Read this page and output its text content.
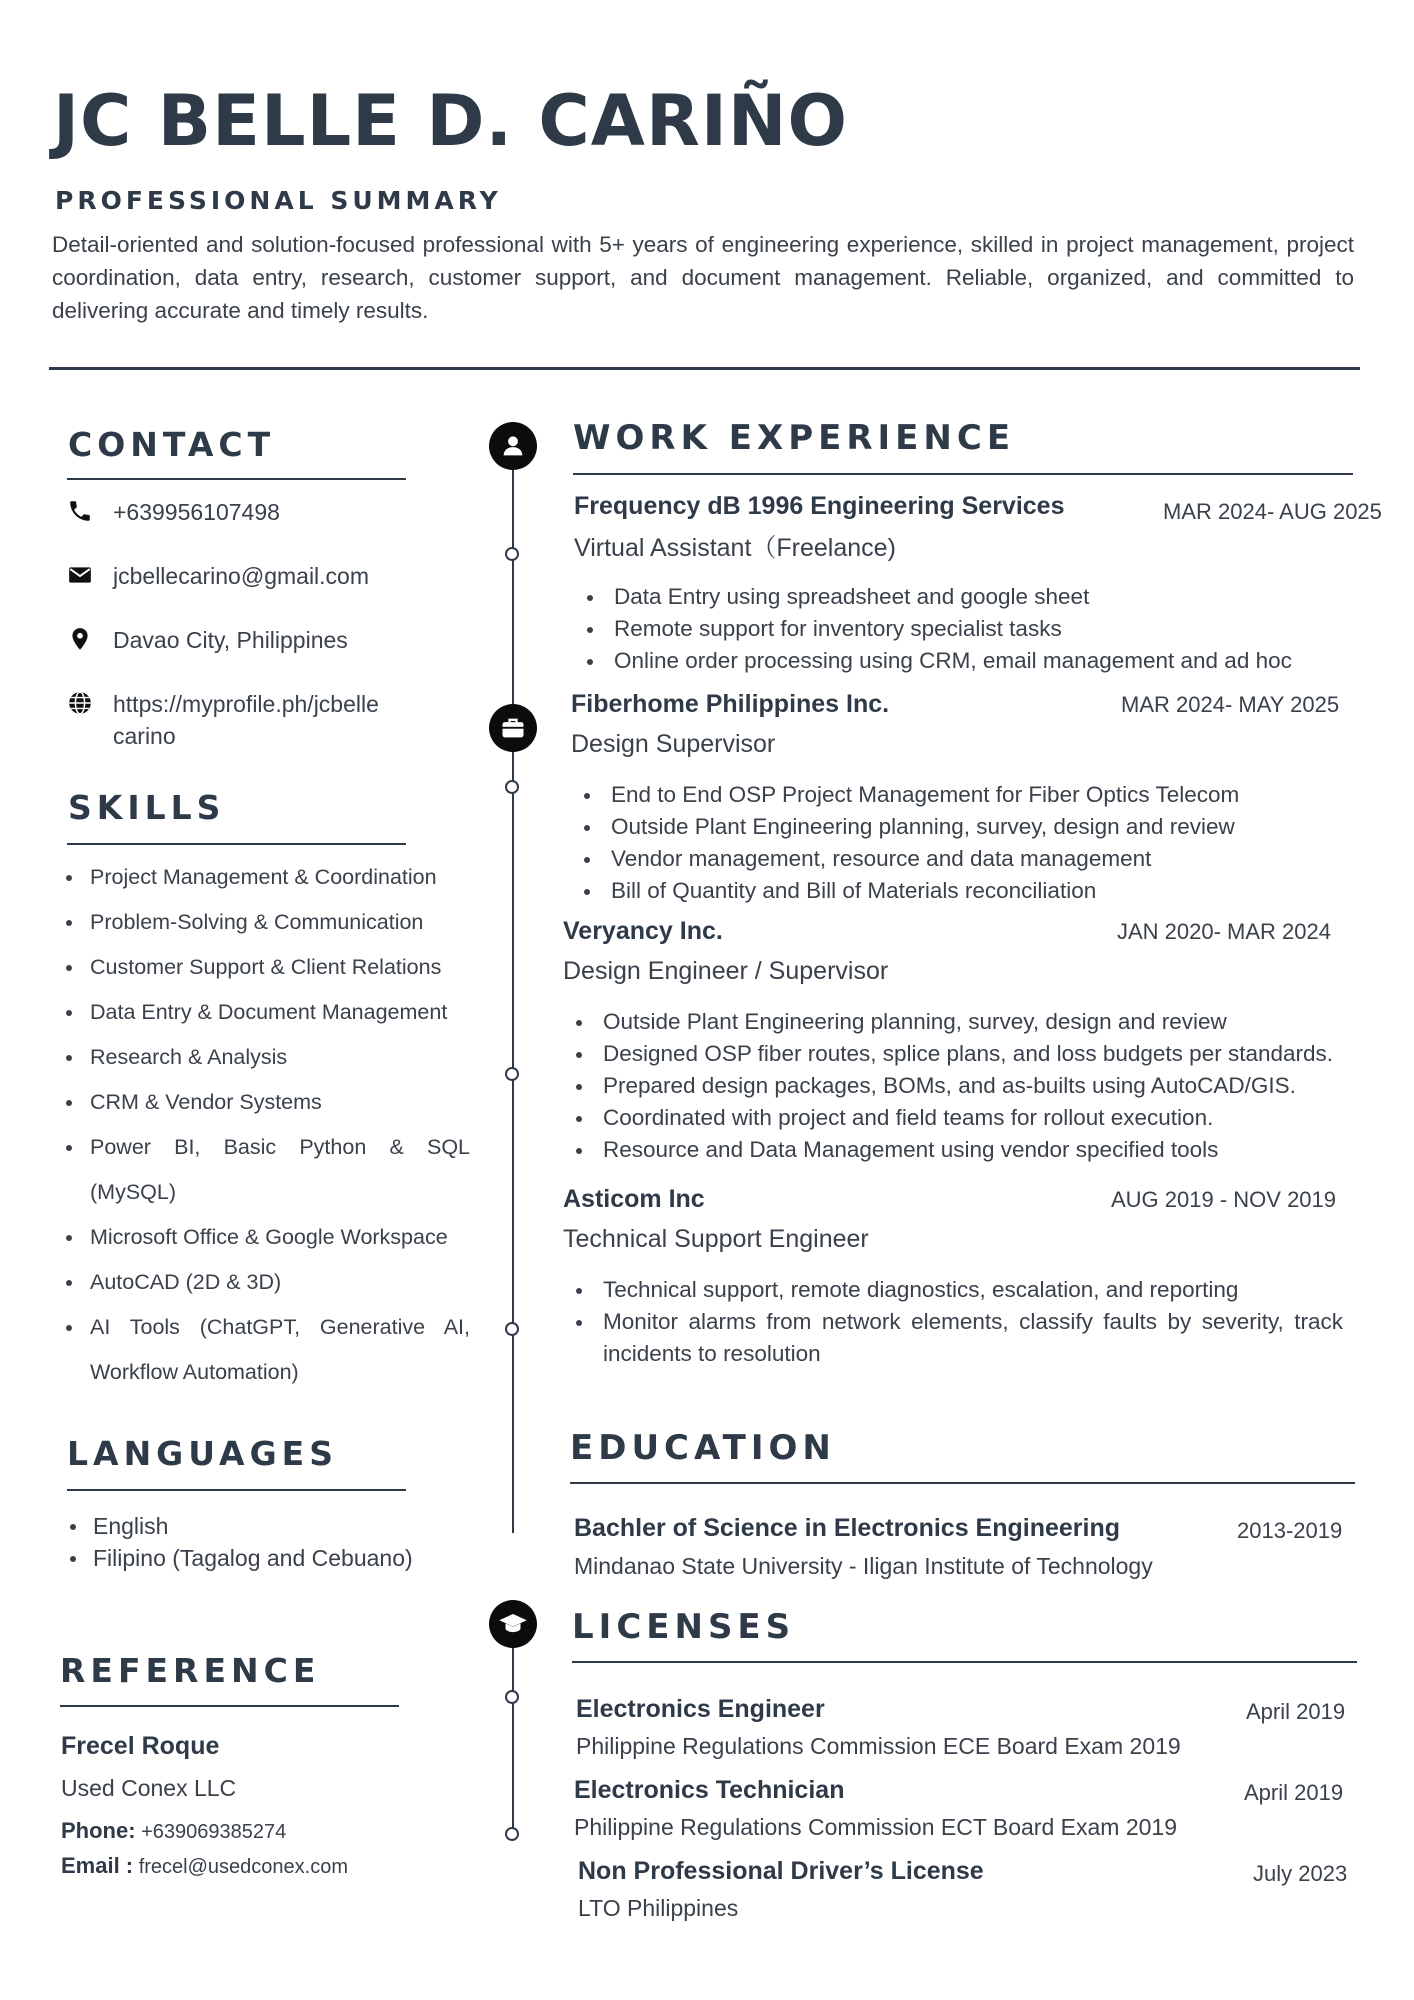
JC BELLE D. CARIÑO
PROFESSIONAL SUMMARY
Detail-oriented and solution-focused professional with 5+ years of engineering experience, skilled in project management, project coordination, data entry, research, customer support, and document management. Reliable, organized, and committed to delivering accurate and timely results.
CONTACT
+639956107498
jcbellecarino@gmail.com
Davao City, Philippines
https://myprofile.ph/jcbelle carino
SKILLS
Project Management & Coordination
Problem-Solving & Communication
Customer Support & Client Relations
Data Entry & Document Management
Research & Analysis
CRM & Vendor Systems
Power BI, Basic Python & SQL (MySQL)
Microsoft Office & Google Workspace
AutoCAD (2D & 3D)
AI Tools (ChatGPT, Generative AI, Workflow Automation)
LANGUAGES
English
Filipino (Tagalog and Cebuano)
REFERENCE
Frecel Roque
Used Conex LLC
Phone: +639069385274
Email : frecel@usedconex.com
WORK EXPERIENCE
Frequency dB 1996 Engineering Services	MAR 2024- AUG 2025
Virtual Assistant（Freelance)
Data Entry using spreadsheet and google sheet
Remote support for inventory specialist tasks
Online order processing using CRM, email management and ad hoc
Fiberhome Philippines Inc.	MAR 2024- MAY 2025
Design Supervisor
End to End OSP Project Management for Fiber Optics Telecom
Outside Plant Engineering planning, survey, design and review
Vendor management, resource and data management
Bill of Quantity and Bill of Materials reconciliation
Veryancy Inc.	JAN 2020- MAR 2024
Design Engineer / Supervisor
Outside Plant Engineering planning, survey, design and review
Designed OSP fiber routes, splice plans, and loss budgets per standards.
Prepared design packages, BOMs, and as-builts using AutoCAD/GIS.
Coordinated with project and field teams for rollout execution.
Resource and Data Management using vendor specified tools
Asticom Inc	AUG 2019 - NOV 2019
Technical Support Engineer
Technical support, remote diagnostics, escalation, and reporting
Monitor alarms from network elements, classify faults by severity, track incidents to resolution
EDUCATION
Bachler of Science in Electronics Engineering	2013-2019
Mindanao State University - Iligan Institute of Technology
LICENSES
Electronics Engineer	April 2019
Philippine Regulations Commission ECE Board Exam 2019
Electronics Technician	April 2019
Philippine Regulations Commission ECT Board Exam 2019
Non Professional Driver’s License	July 2023
LTO Philippines
